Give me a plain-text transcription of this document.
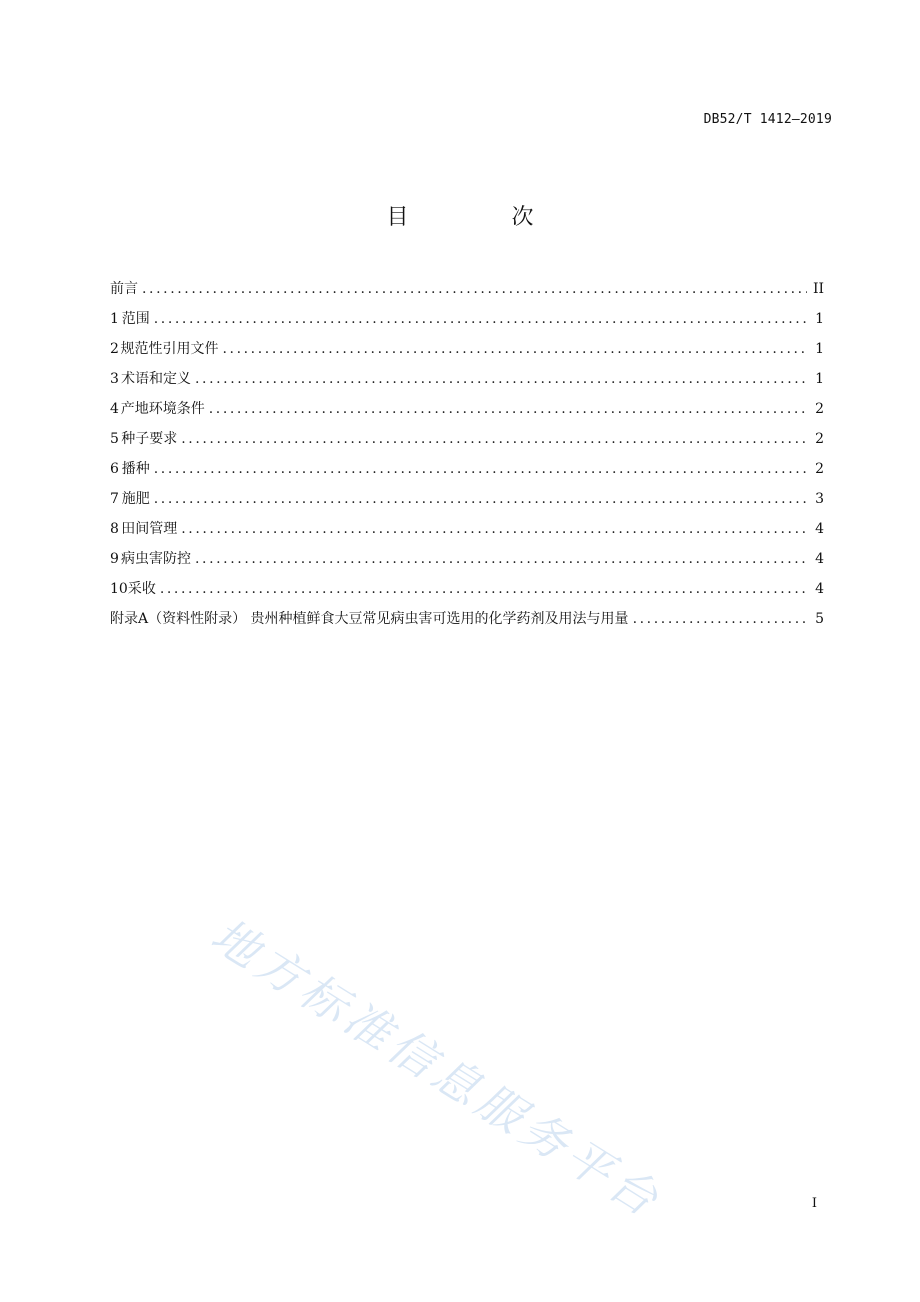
DB52/T 1412—2019
目 次
前言 .....	II
1 范围 .....	1
2 规范性引用文件 .....	1
3 术语和定义 .....	1
4 产地环境条件 .....	2
5 种子要求 .....	2
6 播种 .....	2
7 施肥 .....	3
8 田间管理 .....	4
9 病虫害防控 .....	4
10 采收 .....	4
附录A（资料性附录） 贵州种植鲜食大豆常见病虫害可选用的化学药剂及用法与用量 .....	5
地方标准信息服务平台	I
